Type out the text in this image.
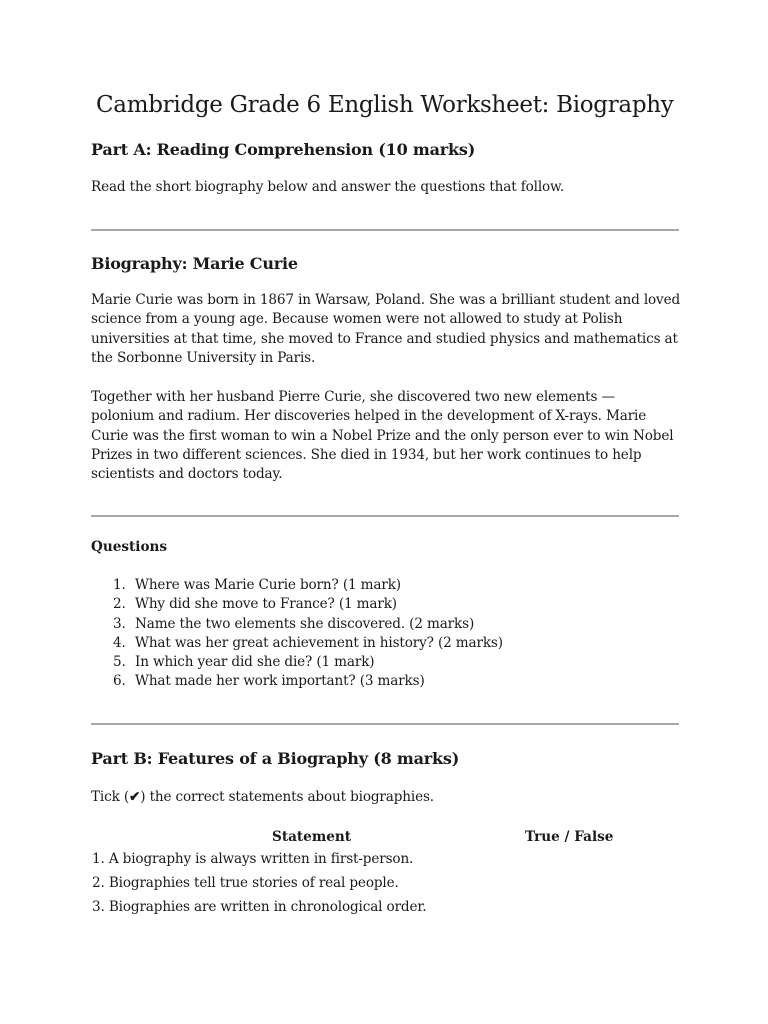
Cambridge Grade 6 English Worksheet: Biography
Part A: Reading Comprehension (10 marks)

Read the short biography below and answer the questions that follow.

Biography: Marie Curie

Marie Curie was born in 1867 in Warsaw, Poland. She was a brilliant student and loved science from a young age. Because women were not allowed to study at Polish universities at that time, she moved to France and studied physics and mathematics at the Sorbonne University in Paris.

Together with her husband Pierre Curie, she discovered two new elements — polonium and radium. Her discoveries helped in the development of X-rays. Marie Curie was the first woman to win a Nobel Prize and the only person ever to win Nobel Prizes in two different sciences. She died in 1934, but her work continues to help scientists and doctors today.

Questions
1. Where was Marie Curie born? (1 mark)
2. Why did she move to France? (1 mark)
3. Name the two elements she discovered. (2 marks)
4. What was her great achievement in history? (2 marks)
5. In which year did she die? (1 mark)
6. What made her work important? (3 marks)
Part B: Features of a Biography (8 marks)

Tick (✔) the correct statements about biographies.

Statement	True / False
1. A biography is always written in first-person.
2. Biographies tell true stories of real people.
3. Biographies are written in chronological order.
